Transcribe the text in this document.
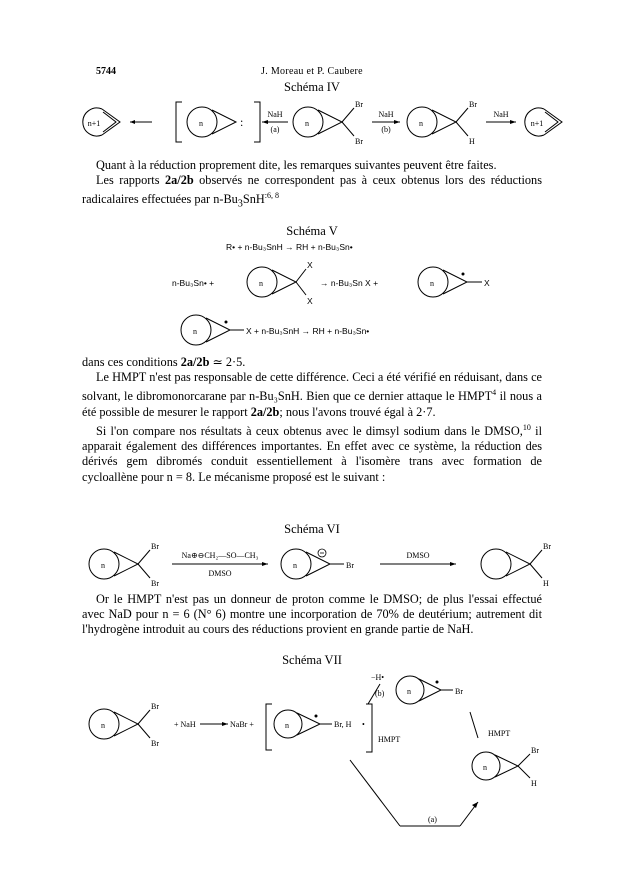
5744	J. Moreau et P. Caubere
Schéma IV
n+1	n	:
NaH
(a)
n
Br
Br
NaH
(b)
n
Br
H
NaH
n+1

Quant à la réduction proprement dite, les remarques suivantes peuvent être faites.

Les rapports 2a/2b observés ne correspondent pas à ceux obtenus lors des réductions radicalaires effectuées par $n-Bu_3SnH^{:6, 8}$

Schéma V
R• + n-Bu₃SnH → RH + n-Bu₃Sn•
n-Bu₃Sn• +	n
X
X
→ n-Bu₃Sn X +	n	X
n	X + n-Bu₃SnH → RH + n-Bu₃Sn•

dans ces conditions 2a/2b ≃ 2·5.

Le HMPT n'est pas responsable de cette différence. Ceci a été vérifié en réduisant, dans ce solvant, le dibromonorcarane par n-Bu₃SnH. Bien que ce dernier attaque le HMPT$^4$ il nous a été possible de mesurer le rapport 2a/2b; nous l'avons trouvé égal à 2·7.

Si l'on compare nos résultats à ceux obtenus avec le dimsyl sodium dans le DMSO,$^{10}$ il apparait également des différences importantes. En effet avec ce système, la réduction des dérivés gem dibromés conduit essentiellement à l'isomère trans avec formation de cycloallène pour n = 8. Le mécanisme proposé est le suivant :

Schéma VI
n
Br
Br
Na⊕⊖CH₂—SO—CH₃
DMSO
n	Br
DMSO
Br
H

Or le HMPT n'est pas un donneur de proton comme le DMSO; de plus l'essai effectué avec NaD pour n = 6 (N° 6) montre une incorporation de 70% de deutérium; autrement dit l'hydrogène introduit au cours des réductions provient en grande partie de NaH.

Schéma VII
−H•
(b)	n	Br
n
Br
Br
+ NaH	NaBr +	n	Br, H •
HMPT
HMPT
n
Br
H
(a)
